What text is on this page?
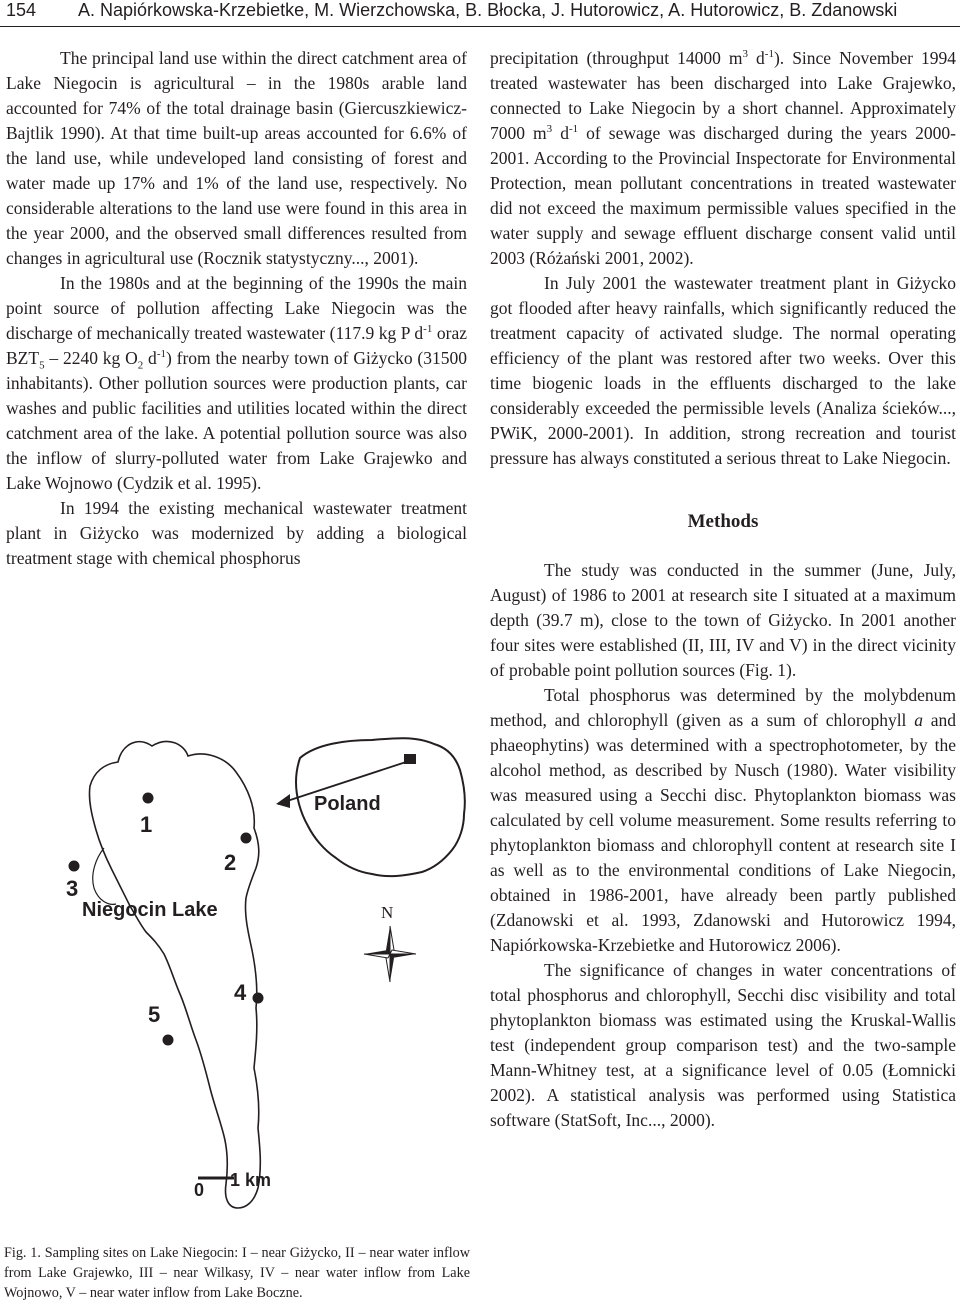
154 A. Napiórkowska-Krzebietke, M. Wierzchowska, B. Błocka, J. Hutorowicz, A. Hutorowicz, B. Zdanowski

The principal land use within the direct catchment area of Lake Niegocin is agricultural – in the 1980s arable land accounted for 74% of the total drainage basin (Giercuszkiewicz-Bajtlik 1990). At that time built-up areas accounted for 6.6% of the land use, while undeveloped land consisting of forest and water made up 17% and 1% of the land use, respectively. No considerable alterations to the land use were found in this area in the year 2000, and the observed small differences resulted from changes in agricultural use (Rocznik statystyczny..., 2001).

In the 1980s and at the beginning of the 1990s the main point source of pollution affecting Lake Niegocin was the discharge of mechanically treated wastewater (117.9 kg P $d^{-1}$ oraz $BZT_5 - 2240$ kg $O_2$ $d^{-1}$) from the nearby town of Giżycko (31500 inhabitants). Other pollution sources were production plants, car washes and public facilities and utilities located within the direct catchment area of the lake. A potential pollution source was also the inflow of slurry-polluted water from Lake Grajewko and Lake Wojnowo (Cydzik et al. 1995).

In 1994 the existing mechanical wastewater treatment plant in Giżycko was modernized by adding a biological treatment stage with chemical phosphorus

precipitation (throughput 14000 $m^3$ $d^{-1}$). Since November 1994 treated wastewater has been discharged into Lake Grajewko, connected to Lake Niegocin by a short channel. Approximately 7000 $m^3$ $d^{-1}$ of sewage was discharged during the years 2000-2001. According to the Provincial Inspectorate for Environmental Protection, mean pollutant concentrations in treated wastewater did not exceed the maximum permissible values specified in the water supply and sewage effluent discharge consent valid until 2003 (Różański 2001, 2002).

In July 2001 the wastewater treatment plant in Giżycko got flooded after heavy rainfalls, which significantly reduced the treatment capacity of activated sludge. The normal operating efficiency of the plant was restored after two weeks. Over this time biogenic loads in the effluents discharged to the lake considerably exceeded the permissible levels (Analiza ścieków..., PWiK, 2000-2001). In addition, strong recreation and tourist pressure has always constituted a serious threat to Lake Niegocin.

Methods

The study was conducted in the summer (June, July, August) of 1986 to 2001 at research site I situated at a maximum depth (39.7 m), close to the town of Giżycko. In 2001 another four sites were established (II, III, IV and V) in the direct vicinity of probable point pollution sources (Fig. 1).

Total phosphorus was determined by the molybdenum method, and chlorophyll (given as a sum of chlorophyll a and phaeophytins) was determined with a spectrophotometer, by the alcohol method, as described by Nusch (1980). Water visibility was measured using a Secchi disc. Phytoplankton biomass was calculated by cell volume measurement. Some results referring to phytoplankton biomass and chlorophyll content at research site I as well as to the environmental conditions of Lake Niegocin, obtained in 1986-2001, have already been partly published (Zdanowski et al. 1993, Zdanowski and Hutorowicz 1994, Napiórkowska-Krzebietke and Hutorowicz 2006).

The significance of changes in water concentrations of total phosphorus and chlorophyll, Secchi disc visibility and total phytoplankton biomass was estimated using the Kruskal-Wallis test (independent group comparison test) and the two-sample Mann-Whitney test, at a significance level of 0.05 (Łomnicki 2002). A statistical analysis was performed using Statistica software (StatSoft, Inc..., 2000).

Poland
Niegocin Lake	N
1
2
3
4
5
0 1 km
Fig. 1. Sampling sites on Lake Niegocin: I – near Giżycko, II – near water inflow from Lake Grajewko, III – near Wilkasy, IV – near water inflow from Lake Wojnowo, V – near water inflow from Lake Boczne.
